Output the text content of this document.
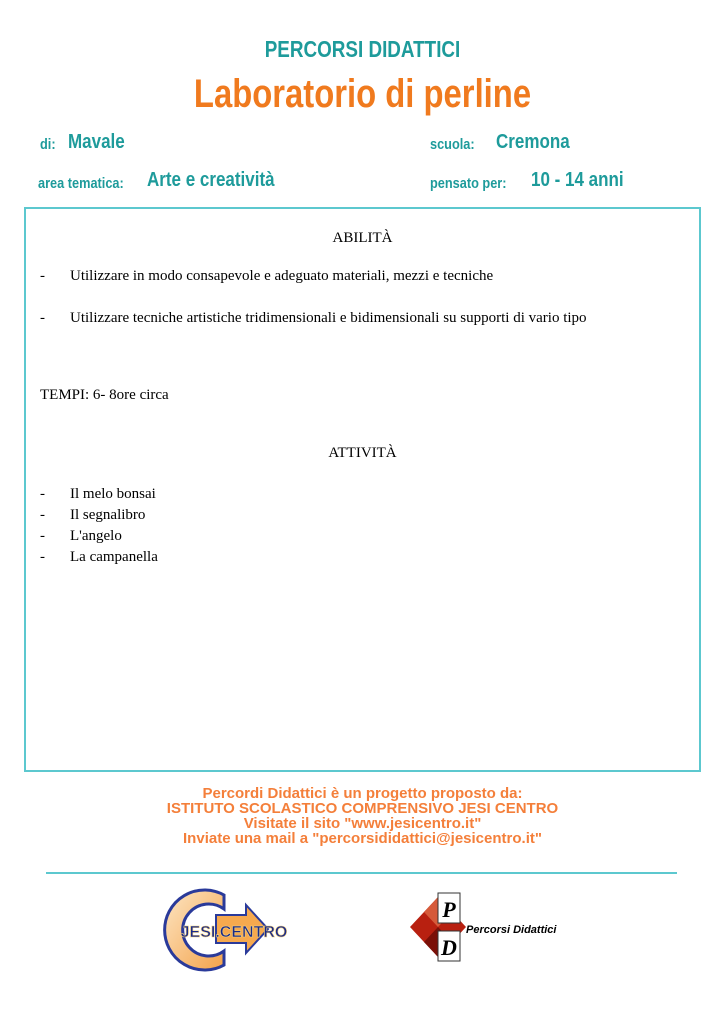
PERCORSI DIDATTICI
Laboratorio di perline
di: Mavale	scuola: Cremona
area tematica: Arte e creatività	pensato per: 10 - 14 anni
ABILITÀ
- Utilizzare in modo consapevole e adeguato materiali, mezzi e tecniche
- Utilizzare tecniche artistiche tridimensionali e bidimensionali su supporti di vario tipo
TEMPI: 6- 8ore circa
ATTIVITÀ
- Il melo bonsai
- Il segnalibro
- L'angelo
- La campanella
Percordi Didattici è un progetto proposto da:
ISTITUTO SCOLASTICO COMPRENSIVO JESI CENTRO
Visitate il sito "www.jesicentro.it"
Inviate una mail a "percorsididattici@jesicentro.it"
JESI.CENTRO
P
D
Percorsi Didattici
